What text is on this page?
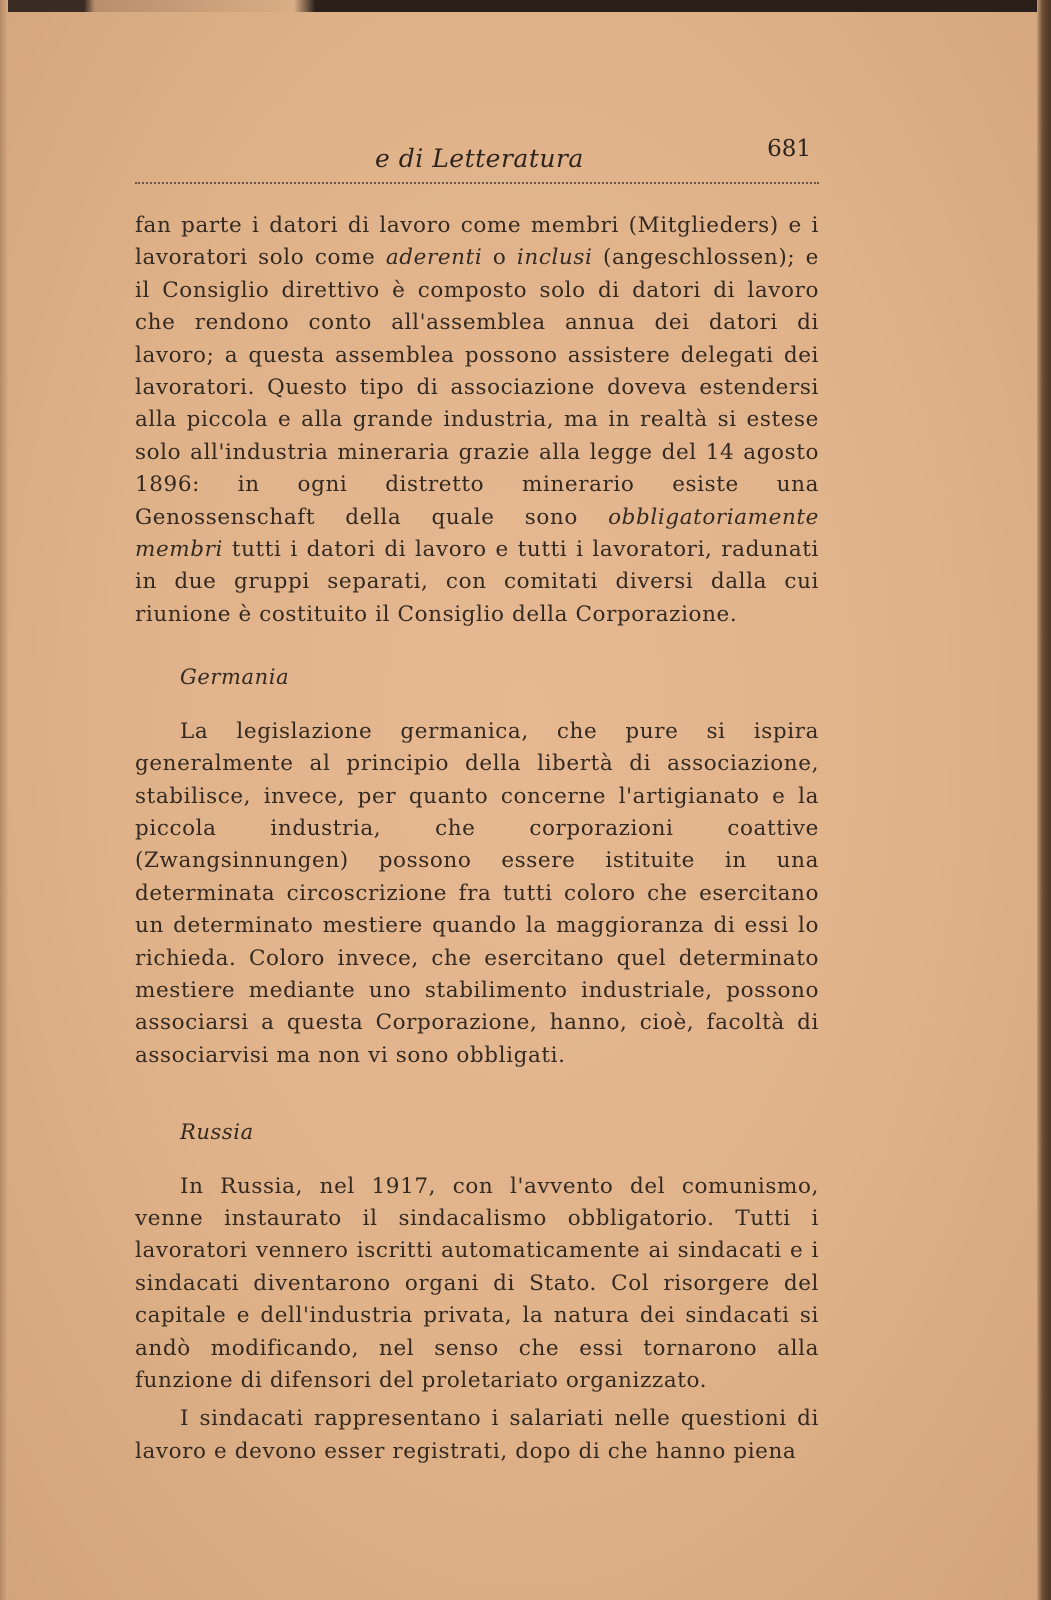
e di Letteratura	681

fan parte i datori di lavoro come membri (Mitglieders) e i lavoratori solo come aderenti o inclusi (angeschlossen); e il Consiglio direttivo è composto solo di datori di lavoro che rendono conto all'assemblea annua dei datori di lavoro; a questa assemblea possono assistere delegati dei lavoratori. Questo tipo di associazione doveva estendersi alla piccola e alla grande industria, ma in realtà si estese solo all'industria mineraria grazie alla legge del 14 agosto 1896: in ogni distretto minerario esiste una Genossenschaft della quale sono obbligatoriamente membri tutti i datori di lavoro e tutti i lavoratori, radunati in due gruppi separati, con comitati diversi dalla cui riunione è costituito il Consiglio della Corporazione.

Germania

La legislazione germanica, che pure si ispira generalmente al principio della libertà di associazione, stabilisce, invece, per quanto concerne l'artigianato e la piccola industria, che corporazioni coattive (Zwangsinnungen) possono essere istituite in una determinata circoscrizione fra tutti coloro che esercitano un determinato mestiere quando la maggioranza di essi lo richieda. Coloro invece, che esercitano quel determinato mestiere mediante uno stabilimento industriale, possono associarsi a questa Corporazione, hanno, cioè, facoltà di associarvisi ma non vi sono obbligati.

Russia

In Russia, nel 1917, con l'avvento del comunismo, venne instaurato il sindacalismo obbligatorio. Tutti i lavoratori vennero iscritti automaticamente ai sindacati e i sindacati diventarono organi di Stato. Col risorgere del capitale e dell'industria privata, la natura dei sindacati si andò modificando, nel senso che essi tornarono alla funzione di difensori del proletariato organizzato.

I sindacati rappresentano i salariati nelle questioni di lavoro e devono esser registrati, dopo di che hanno piena
